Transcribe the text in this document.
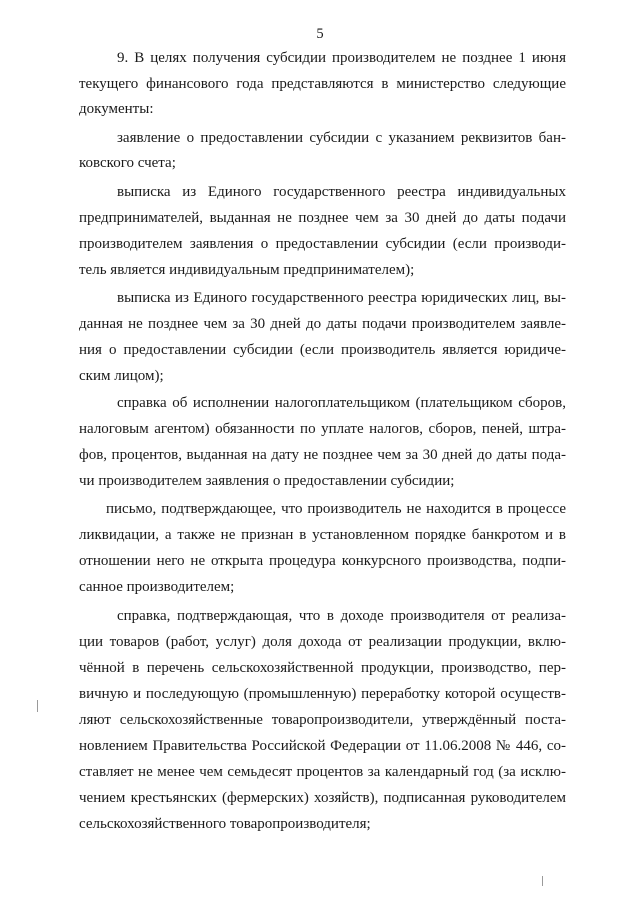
5
9. В целях получения субсидии производителем не позднее 1 июня
текущего финансового года представляются в министерство следующие
документы:
заявление о предоставлении субсидии с указанием реквизитов бан-
ковского счета;
выписка из Единого государственного реестра индивидуальных
предпринимателей, выданная не позднее чем за 30 дней до даты подачи
производителем заявления о предоставлении субсидии (если производи-
тель является индивидуальным предпринимателем);
выписка из Единого государственного реестра юридических лиц, вы-
данная не позднее чем за 30 дней до даты подачи производителем заявле-
ния о предоставлении субсидии (если производитель является юридиче-
ским лицом);
справка об исполнении налогоплательщиком (плательщиком сборов,
налоговым агентом) обязанности по уплате налогов, сборов, пеней, штра-
фов, процентов, выданная на дату не позднее чем за 30 дней до даты пода-
чи производителем заявления о предоставлении субсидии;
письмо, подтверждающее, что производитель не находится в процессе
ликвидации, а также не признан в установленном порядке банкротом и в
отношении него не открыта процедура конкурсного производства, подпи-
санное производителем;
справка, подтверждающая, что в доходе производителя от реализа-
ции товаров (работ, услуг) доля дохода от реализации продукции, вклю-
чённой в перечень сельскохозяйственной продукции, производство, пер-
вичную и последующую (промышленную) переработку которой осуществ-
ляют сельскохозяйственные товаропроизводители, утверждённый поста-
новлением Правительства Российской Федерации от 11.06.2008 № 446, со-
ставляет не менее чем семьдесят процентов за календарный год (за исклю-
чением крестьянских (фермерских) хозяйств), подписанная руководителем
сельскохозяйственного товаропроизводителя;
